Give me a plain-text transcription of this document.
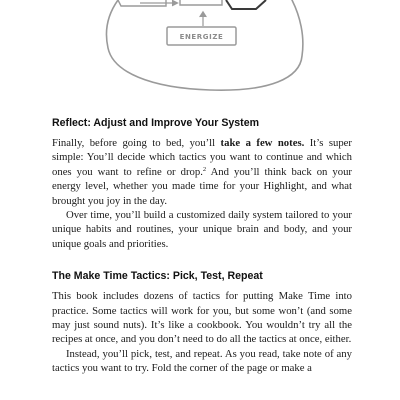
ENERGIZE
Reflect: Adjust and Improve Your System

Finally, before going to bed, you’ll take a few notes. It’s super simple: You’ll decide which tactics you want to continue and which ones you want to refine or drop.$^2$ And you’ll think back on your energy level, whether you made time for your Highlight, and what brought you joy in the day.

Over time, you’ll build a customized daily system tailored to your unique habits and routines, your unique brain and body, and your unique goals and priorities.

The Make Time Tactics: Pick, Test, Repeat

This book includes dozens of tactics for putting Make Time into practice. Some tactics will work for you, but some won’t (and some may just sound nuts). It’s like a cookbook. You wouldn’t try all the recipes at once, and you don’t need to do all the tactics at once, either.

Instead, you’ll pick, test, and repeat. As you read, take note of any tactics you want to try. Fold the corner of the page or make a
